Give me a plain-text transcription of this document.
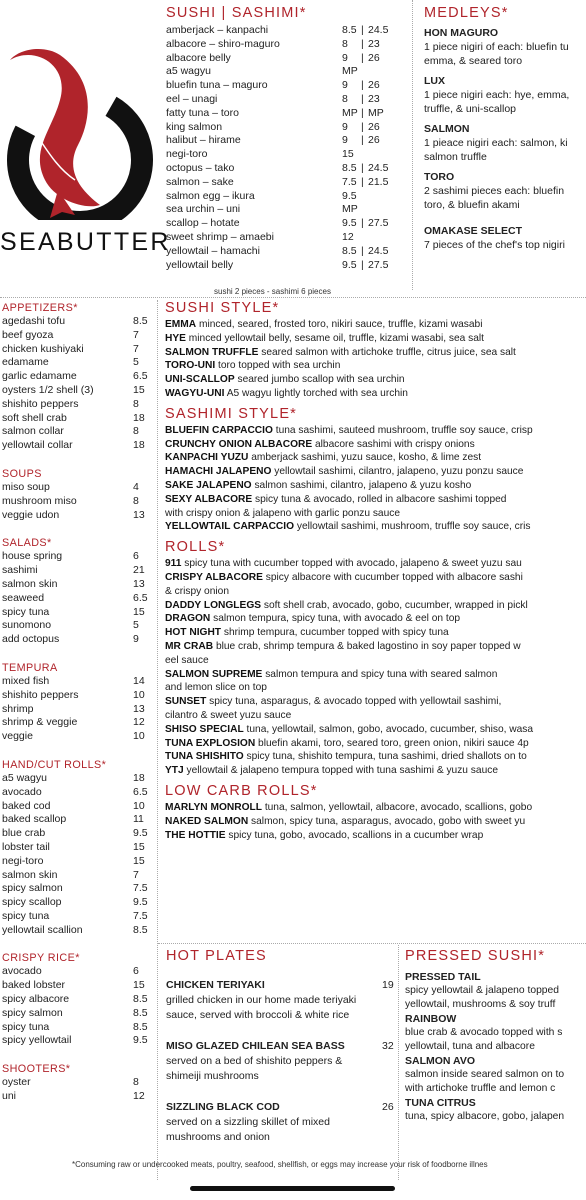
SEABUTTER
SUSHI | SASHIMI*
amberjack – kanpachi	8.5 | 24.5
albacore – shiro-maguro	8 | 23
albacore belly	9 | 26
a5 wagyu	MP
bluefin tuna – maguro	9 | 26
eel – unagi	8 | 23
fatty tuna – toro	MP | MP
king salmon	9 | 26
halibut – hirame	9 | 26
negi-toro	15
octopus – tako	8.5 | 24.5
salmon – sake	7.5 | 21.5
salmon egg – ikura	9.5
sea urchin – uni	MP
scallop – hotate	9.5 | 27.5
sweet shrimp – amaebi	12
yellowtail – hamachi	8.5 | 24.5
yellowtail belly	9.5 | 27.5
sushi 2 pieces - sashimi 6 pieces
MEDLEYS*
HON MAGURO
1 piece nigiri of each: bluefin tu
emma, & seared toro
LUX
1 piece nigiri each: hye, emma,
truffle, & uni-scallop
SALMON
1 pieace nigiri each: salmon, ki
salmon truffle
TORO
2 sashimi pieces each: bluefin
toro, & bluefin akami
OMAKASE SELECT
7 pieces of the chef's top nigiri
APPETIZERS*
agedashi tofu	8.5
beef gyoza	7
chicken kushiyaki	7
edamame	5
garlic edamame	6.5
oysters 1/2 shell (3)	15
shishito peppers	8
soft shell crab	18
salmon collar	8
yellowtail collar	18
SOUPS
miso soup	4
mushroom miso	8
veggie udon	13
SALADS*
house spring	6
sashimi	21
salmon skin	13
seaweed	6.5
spicy tuna	15
sunomono	5
add octopus	9
TEMPURA
mixed fish	14
shishito peppers	10
shrimp	13
shrimp & veggie	12
veggie	10
HAND/CUT ROLLS*
a5 wagyu	18
avocado	6.5
baked cod	10
baked scallop	11
blue crab	9.5
lobster tail	15
negi-toro	15
salmon skin	7
spicy salmon	7.5
spicy scallop	9.5
spicy tuna	7.5
yellowtail scallion	8.5
CRISPY RICE*
avocado	6
baked lobster	15
spicy albacore	8.5
spicy salmon	8.5
spicy tuna	8.5
spicy yellowtail	9.5
SHOOTERS*
oyster	8
uni	12
SUSHI STYLE*
EMMA minced, seared, frosted toro, nikiri sauce, truffle, kizami wasabi
HYE minced yellowtail belly, sesame oil, truffle, kizami wasabi, sea salt
SALMON TRUFFLE seared salmon with artichoke truffle, citrus juice, sea salt
TORO-UNI toro topped with sea urchin
UNI-SCALLOP seared jumbo scallop with sea urchin
WAGYU-UNI A5 wagyu lightly torched with sea urchin
SASHIMI STYLE*
BLUEFIN CARPACCIO tuna sashimi, sauteed mushroom, truffle soy sauce, crisp
CRUNCHY ONION ALBACORE albacore sashimi with crispy onions
KANPACHI YUZU amberjack sashimi, yuzu sauce, kosho, & lime zest
HAMACHI JALAPENO yellowtail sashimi, cilantro, jalapeno, yuzu ponzu sauce
SAKE JALAPENO salmon sashimi, cilantro, jalapeno & yuzu kosho
SEXY ALBACORE spicy tuna & avocado, rolled in albacore sashimi topped
with crispy onion & jalapeno with garlic ponzu sauce
YELLOWTAIL CARPACCIO yellowtail sashimi, mushroom, truffle soy sauce, cris
ROLLS*
911 spicy tuna with cucumber topped with avocado, jalapeno & sweet yuzu sau
CRISPY ALBACORE spicy albacore with cucumber topped with albacore sashi
& crispy onion
DADDY LONGLEGS soft shell crab, avocado, gobo, cucumber, wrapped in pickl
DRAGON salmon tempura, spicy tuna, with avocado & eel on top
HOT NIGHT shrimp tempura, cucumber topped with spicy tuna
MR CRAB blue crab, shrimp tempura & baked lagostino in soy paper topped w
eel sauce
SALMON SUPREME salmon tempura and spicy tuna with seared salmon
and lemon slice on top
SUNSET spicy tuna, asparagus, & avocado topped with yellowtail sashimi,
cilantro & sweet yuzu sauce
SHISO SPECIAL tuna, yellowtail, salmon, gobo, avocado, cucumber, shiso, wasa
TUNA EXPLOSION bluefin akami, toro, seared toro, green onion, nikiri sauce 4p
TUNA SHISHITO spicy tuna, shishito tempura, tuna sashimi, dried shallots on to
YTJ yellowtail & jalapeno tempura topped with tuna sashimi & yuzu sauce
LOW CARB ROLLS*
MARLYN MONROLL tuna, salmon, yellowtail, albacore, avocado, scallions, gobo
NAKED SALMON salmon, spicy tuna, asparagus, avocado, gobo with sweet yu
THE HOTTIE spicy tuna, gobo, avocado, scallions in a cucumber wrap
HOT PLATES
CHICKEN TERIYAKI	19
grilled chicken in our home made teriyaki
sauce, served with broccoli & white rice
MISO GLAZED CHILEAN SEA BASS	32
served on a bed of shishito peppers &
shimeiji mushrooms
SIZZLING BLACK COD	26
served on a sizzling skillet of mixed
mushrooms and onion
PRESSED SUSHI*
PRESSED TAIL
spicy yellowtail & jalapeno topped
yellowtail, mushrooms & soy truff
RAINBOW
blue crab & avocado topped with s
yellowtail, tuna and albacore
SALMON AVO
salmon inside seared salmon on to
with artichoke truffle and lemon c
TUNA CITRUS
tuna, spicy albacore, gobo, jalapen
*Consuming raw or undercooked meats, poultry, seafood, shellfish, or eggs may increase your risk of foodborne illnes
